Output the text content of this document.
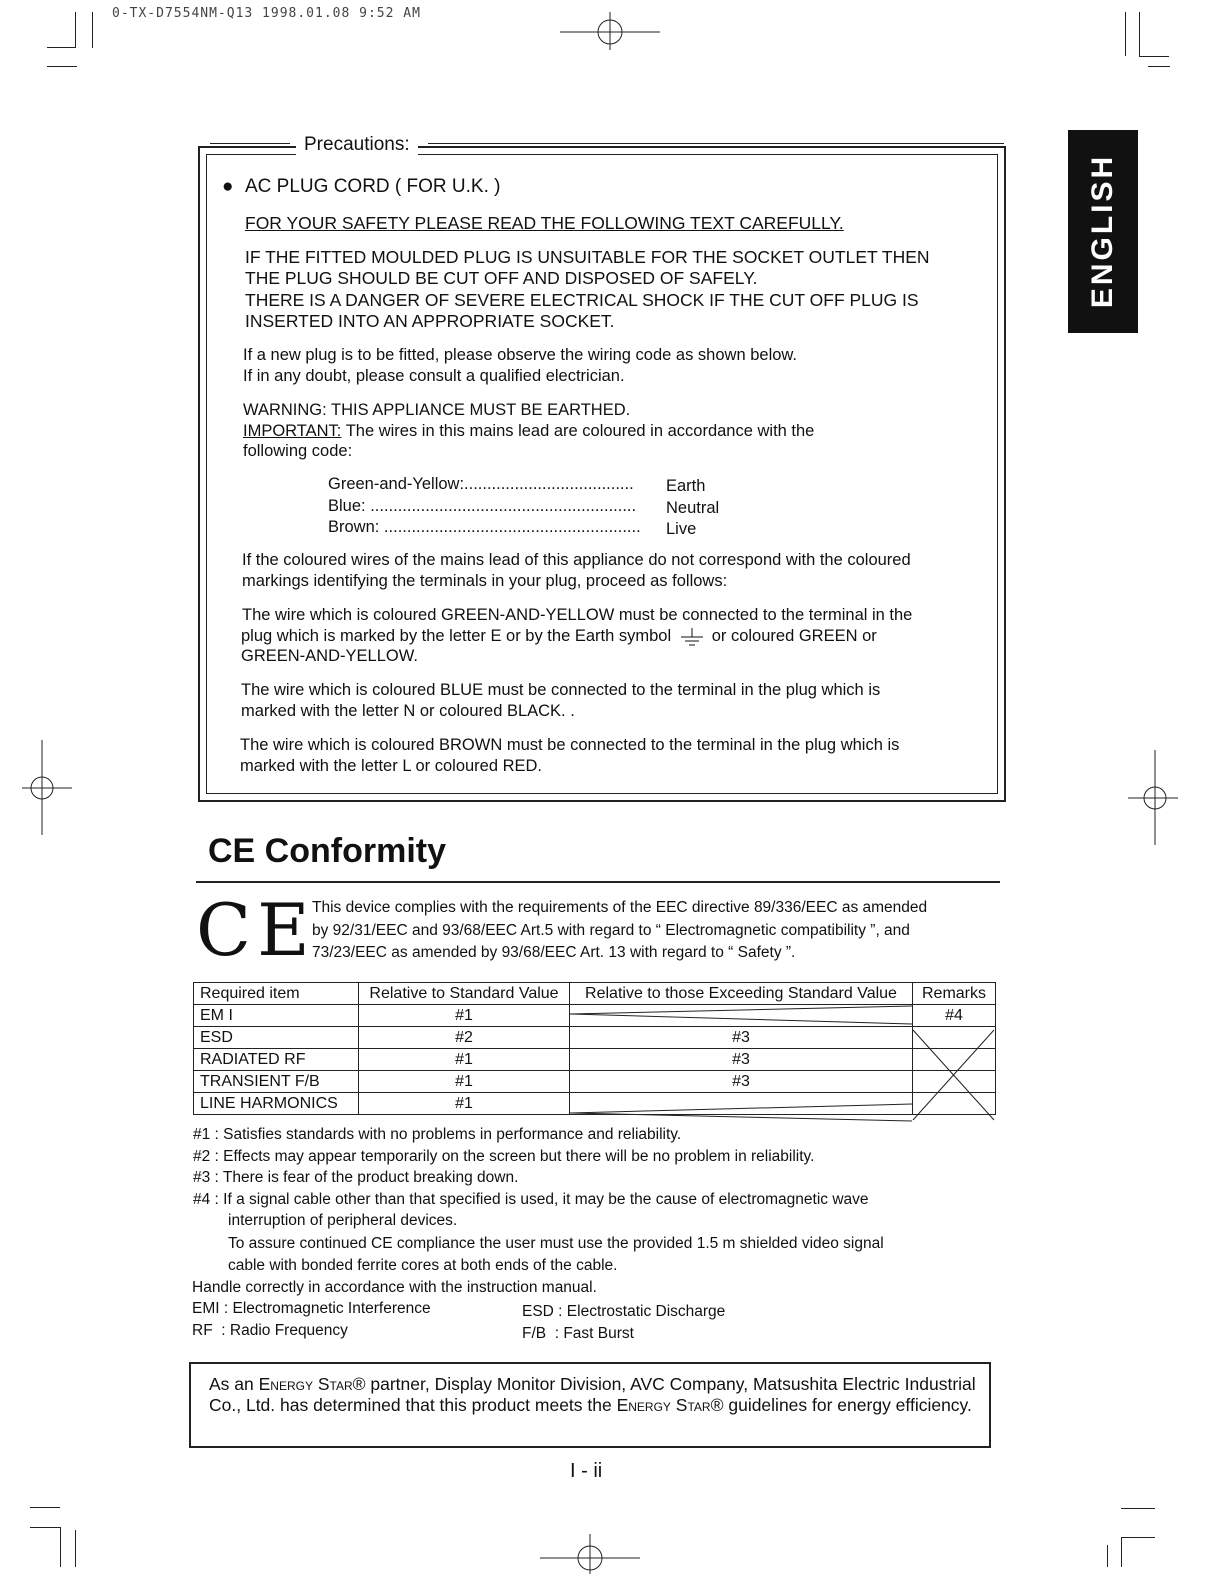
0-TX-D7554NM-Q13 1998.01.08 9:52 AM
ENGLISH
Precautions:
● AC PLUG CORD ( FOR U.K. )
FOR YOUR SAFETY PLEASE READ THE FOLLOWING TEXT CAREFULLY.
IF THE FITTED MOULDED PLUG IS UNSUITABLE FOR THE SOCKET OUTLET THEN
THE PLUG SHOULD BE CUT OFF AND DISPOSED OF SAFELY.
THERE IS A DANGER OF SEVERE ELECTRICAL SHOCK IF THE CUT OFF PLUG IS
INSERTED INTO AN APPROPRIATE SOCKET.
If a new plug is to be fitted, please observe the wiring code as shown below.
If in any doubt, please consult a qualified electrician.
WARNING: THIS APPLIANCE MUST BE EARTHED.
IMPORTANT: The wires in this mains lead are coloured in accordance with the
following code:
Green-and-Yellow:..................................... Earth
Blue: .......................................................... Neutral
Brown: ........................................................ Live
If the coloured wires of the mains lead of this appliance do not correspond with the coloured
markings identifying the terminals in your plug, proceed as follows:
The wire which is coloured GREEN-AND-YELLOW must be connected to the terminal in the
plug which is marked by the letter E or by the Earth symbol or coloured GREEN or
GREEN-AND-YELLOW.
The wire which is coloured BLUE must be connected to the terminal in the plug which is
marked with the letter N or coloured BLACK. .
The wire which is coloured BROWN must be connected to the terminal in the plug which is
marked with the letter L or coloured RED.
CE Conformity
CE
This device complies with the requirements of the EEC directive 89/336/EEC as amended
by 92/31/EEC and 93/68/EEC Art.5 with regard to “ Electromagnetic compatibility ”, and
73/23/EEC as amended by 93/68/EEC Art. 13 with regard to “ Safety ”.
Required item	Relative to Standard Value	Relative to those Exceeding Standard Value	Remarks
EM I	#1		#4
ESD	#2	#3	
RADIATED RF	#1	#3	
TRANSIENT F/B	#1	#3	
LINE HARMONICS	#1		
#1 : Satisfies standards with no problems in performance and reliability.
#2 : Effects may appear temporarily on the screen but there will be no problem in reliability.
#3 : There is fear of the product breaking down.
#4 : If a signal cable other than that specified is used, it may be the cause of electromagnetic wave
interruption of peripheral devices.
To assure continued CE compliance the user must use the provided 1.5 m shielded video signal
cable with bonded ferrite cores at both ends of the cable.
Handle correctly in accordance with the instruction manual.
EMI : Electromagnetic Interference	ESD : Electrostatic Discharge
RF  : Radio Frequency	F/B  : Fast Burst
As an Energy Star® partner, Display Monitor Division, AVC Company, Matsushita Electric Industrial Co., Ltd. has determined that this product meets the Energy Star® guidelines for energy efficiency.
I - ii
